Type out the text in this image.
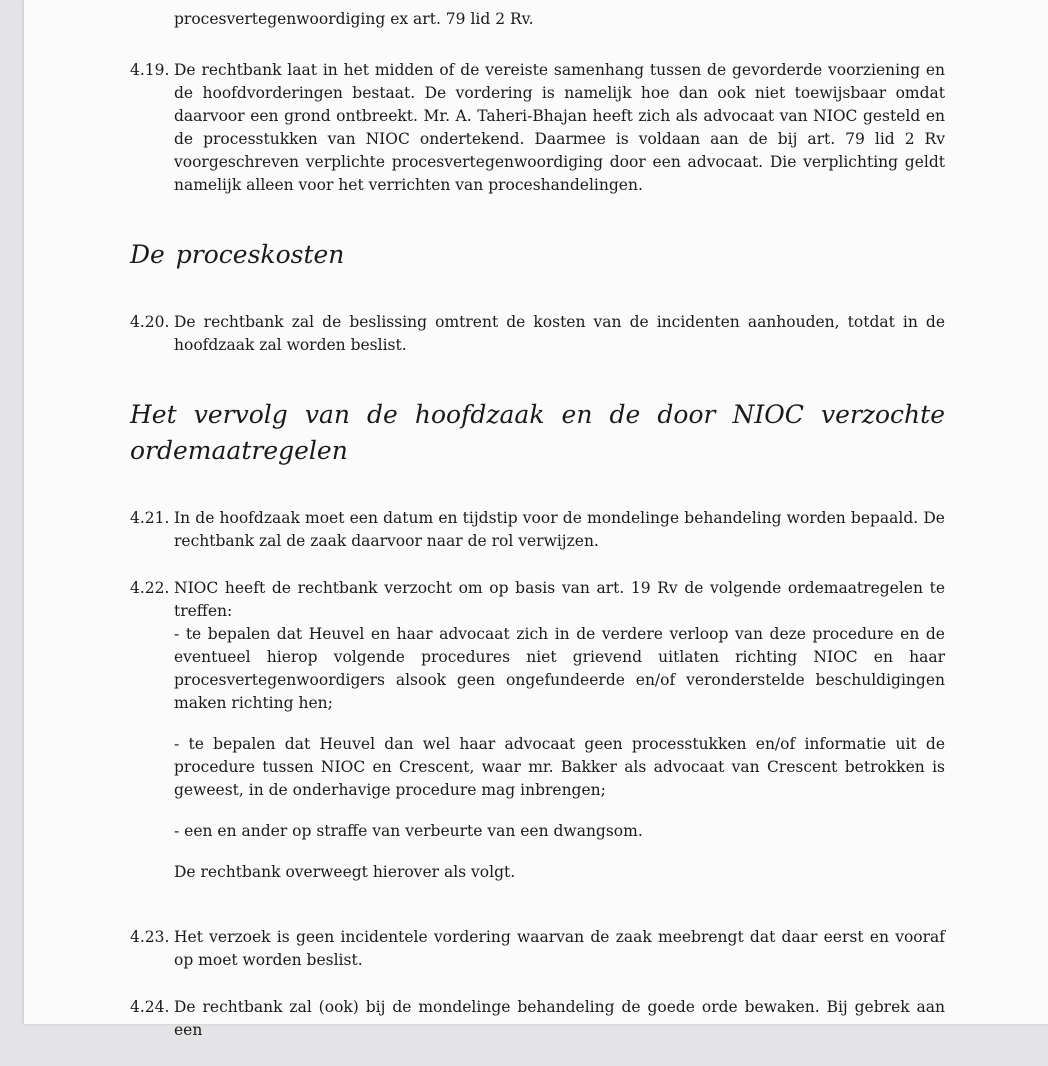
procesvertegenwoordiging ex art. 79 lid 2 Rv.
4.19. De rechtbank laat in het midden of de vereiste samenhang tussen de gevorderde voorziening en de hoofdvorderingen bestaat. De vordering is namelijk hoe dan ook niet toewijsbaar omdat daarvoor een grond ontbreekt. Mr. A. Taheri-Bhajan heeft zich als advocaat van NIOC gesteld en de processtukken van NIOC ondertekend. Daarmee is voldaan aan de bij art. 79 lid 2 Rv voorgeschreven verplichte procesvertegenwoordiging door een advocaat. Die verplichting geldt namelijk alleen voor het verrichten van proceshandelingen.

De proceskosten
4.20. De rechtbank zal de beslissing omtrent de kosten van de incidenten aanhouden, totdat in de hoofdzaak zal worden beslist.

Het vervolg van de hoofdzaak en de door NIOC verzochte ordemaatregelen
4.21. In de hoofdzaak moet een datum en tijdstip voor de mondelinge behandeling worden bepaald. De rechtbank zal de zaak daarvoor naar de rol verwijzen.

4.22. NIOC heeft de rechtbank verzocht om op basis van art. 19 Rv de volgende ordemaatregelen te treffen:
- te bepalen dat Heuvel en haar advocaat zich in de verdere verloop van deze procedure en de eventueel hierop volgende procedures niet grievend uitlaten richting NIOC en haar procesvertegenwoordigers alsook geen ongefundeerde en/of veronderstelde beschuldigingen maken richting hen;

- te bepalen dat Heuvel dan wel haar advocaat geen processtukken en/of informatie uit de procedure tussen NIOC en Crescent, waar mr. Bakker als advocaat van Crescent betrokken is geweest, in de onderhavige procedure mag inbrengen;

- een en ander op straffe van verbeurte van een dwangsom.

De rechtbank overweegt hierover als volgt.

4.23. Het verzoek is geen incidentele vordering waarvan de zaak meebrengt dat daar eerst en vooraf op moet worden beslist.

4.24. De rechtbank zal (ook) bij de mondelinge behandeling de goede orde bewaken. Bij gebrek aan een
